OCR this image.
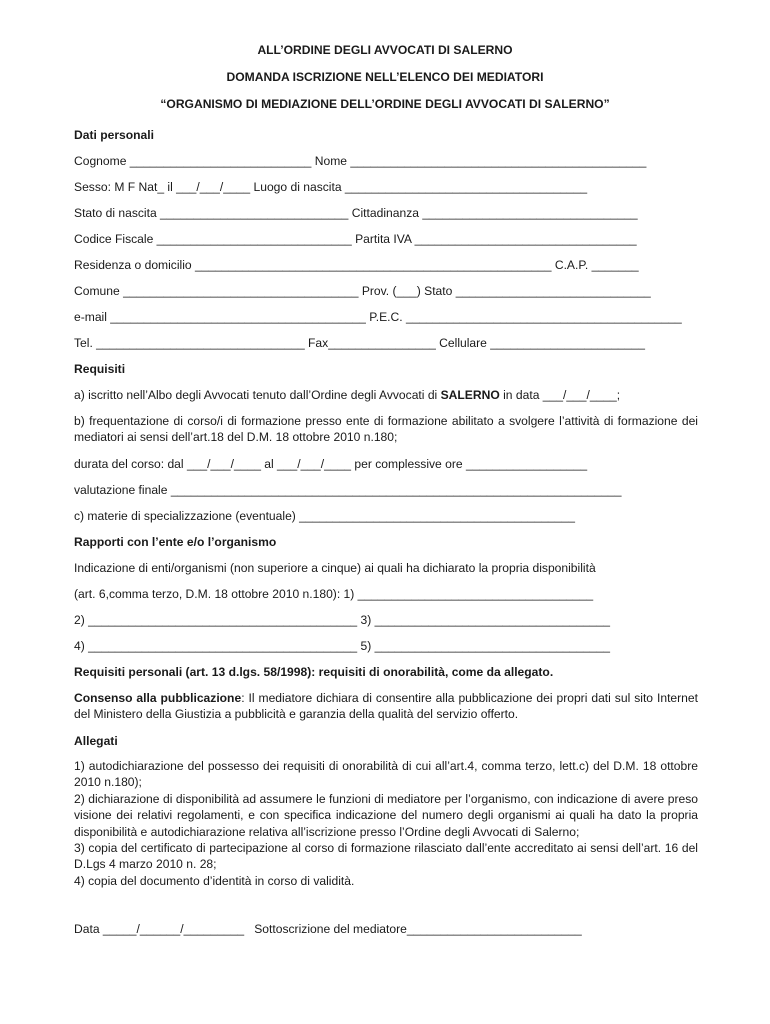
ALL’ORDINE DEGLI AVVOCATI DI SALERNO
DOMANDA ISCRIZIONE NELL’ELENCO DEI MEDIATORI
“ORGANISMO DI MEDIAZIONE DELL’ORDINE DEGLI AVVOCATI DI SALERNO”
Dati personali
Cognome ___________________________ Nome ____________________________________________
Sesso: M F Nat_ il ___/___/____ Luogo di nascita ____________________________________
Stato di nascita ____________________________ Cittadinanza ________________________________
Codice Fiscale _____________________________ Partita IVA _________________________________
Residenza o domicilio _____________________________________________________ C.A.P. _______
Comune ___________________________________ Prov. (___) Stato _____________________________
e-mail ______________________________________ P.E.C. _________________________________________
Tel. _______________________________ Fax________________ Cellulare _______________________
Requisiti
a) iscritto nell’Albo degli Avvocati tenuto dall’Ordine degli Avvocati di SALERNO in data ___/___/____;
b) frequentazione di corso/i di formazione presso ente di formazione abilitato a svolgere l’attività di formazione dei mediatori ai sensi dell’art.18 del D.M. 18 ottobre 2010 n.180;
durata del corso: dal ___/___/____ al ___/___/____ per complessive ore __________________
valutazione finale ___________________________________________________________________
c) materie di specializzazione (eventuale) _________________________________________
Rapporti con l’ente e/o l’organismo
Indicazione di enti/organismi (non superiore a cinque) ai quali ha dichiarato la propria disponibilità
(art. 6,comma terzo, D.M. 18 ottobre 2010 n.180): 1) ___________________________________
2) ________________________________________ 3) ___________________________________
4) ________________________________________ 5) ___________________________________
Requisiti personali (art. 13 d.lgs. 58/1998): requisiti di onorabilità, come da allegato.
Consenso alla pubblicazione: Il mediatore dichiara di consentire alla pubblicazione dei propri dati sul sito Internet del Ministero della Giustizia a pubblicità e garanzia della qualità del servizio offerto.
Allegati

1) autodichiarazione del possesso dei requisiti di onorabilità di cui all’art.4, comma terzo, lett.c) del D.M. 18 ottobre 2010 n.180);

2) dichiarazione di disponibilità ad assumere le funzioni di mediatore per l’organismo, con indicazione di avere preso visione dei relativi regolamenti, e con specifica indicazione del numero degli organismi ai quali ha dato la propria disponibilità e autodichiarazione relativa all’iscrizione presso l’Ordine degli Avvocati di Salerno;

3) copia del certificato di partecipazione al corso di formazione rilasciato dall’ente accreditato ai sensi dell’art. 16 del D.Lgs 4 marzo 2010 n. 28;

4) copia del documento d’identità in corso di validità.

Data _____/______/_________   Sottoscrizione del mediatore__________________________
